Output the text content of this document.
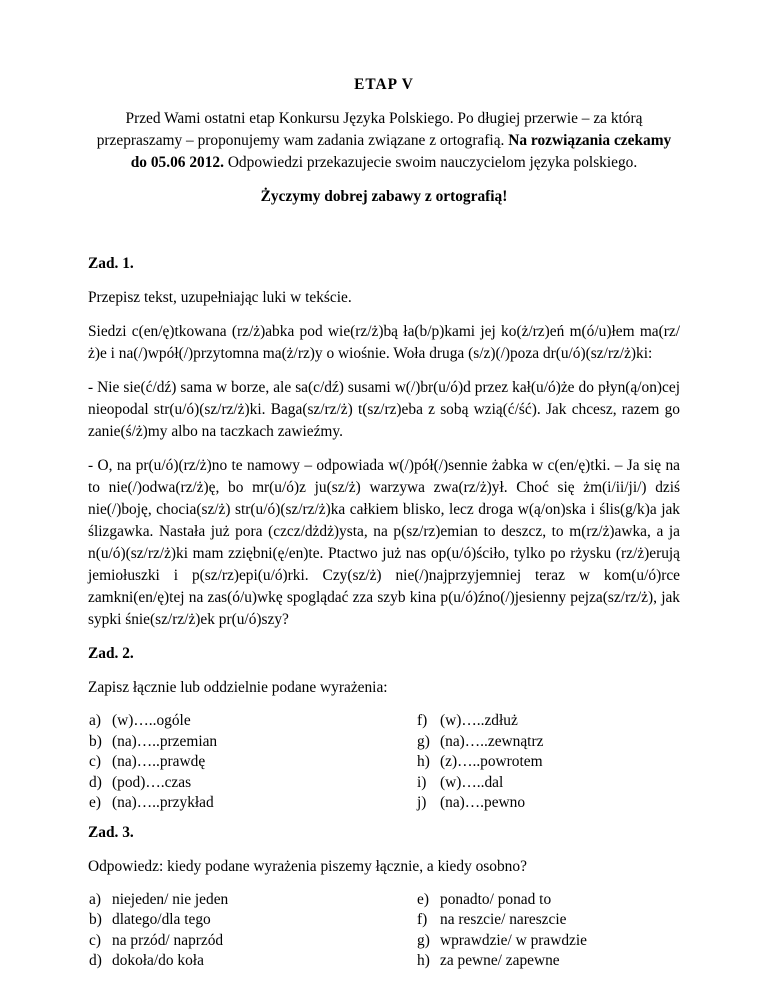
ETAP V
Przed Wami ostatni etap Konkursu Języka Polskiego. Po długiej przerwie – za którą przepraszamy – proponujemy wam zadania związane z ortografią. Na rozwiązania czekamy do 05.06 2012. Odpowiedzi przekazujecie swoim nauczycielom języka polskiego.
Życzymy dobrej zabawy z ortografią!
Zad. 1.

Przepisz tekst, uzupełniając luki w tekście.

Siedzi c(en/ę)tkowana (rz/ż)abka pod wie(rz/ż)bą ła(b/p)kami jej ko(ż/rz)eń m(ó/u)łem ma(rz/ż)e i na(/)wpół(/)przytomna ma(ż/rz)y o wiośnie. Woła druga (s/z)(/)poza dr(u/ó)(sz/rz/ż)ki:

- Nie sie(ć/dź) sama w borze, ale sa(c/dź) susami w(/)br(u/ó)d przez kał(u/ó)że do płyn(ą/on)cej nieopodal str(u/ó)(sz/rz/ż)ki. Baga(sz/rz/ż) t(sz/rz)eba z sobą wzią(ć/ść). Jak chcesz, razem go zanie(ś/ż)my albo na taczkach zawieźmy.

- O, na pr(u/ó)(rz/ż)no te namowy – odpowiada w(/)pół(/)sennie żabka w c(en/ę)tki. – Ja się na to nie(/)odwa(rz/ż)ę, bo mr(u/ó)z ju(sz/ż) warzywa zwa(rz/ż)ył. Choć się żm(i/ii/ji/) dziś nie(/)boję, chocia(sz/ż) str(u/ó)(sz/rz/ż)ka całkiem blisko, lecz droga w(ą/on)ska i ślis(g/k)a jak ślizgawka. Nastała już pora (czcz/dżdż)ysta, na p(sz/rz)emian to deszcz, to m(rz/ż)awka, a ja n(u/ó)(sz/rz/ż)ki mam zziębni(ę/en)te. Ptactwo już nas op(u/ó)ściło, tylko po rżysku (rz/ż)erują jemiołuszki i p(sz/rz)epi(u/ó)rki. Czy(sz/ż) nie(/)najprzyjemniej teraz w kom(u/ó)rce zamkni(en/ę)tej na zas(ó/u)wkę spoglądać zza szyb kina p(u/ó)źno(/)jesienny pejza(sz/rz/ż), jak sypki śnie(sz/rz/ż)ek pr(u/ó)szy?

Zad. 2.

Zapisz łącznie lub oddzielnie podane wyrażenia:

a) (w)…..ogóle
b) (na)…..przemian
c) (na)…..prawdę
d) (pod)….czas
e) (na)…..przykład
f) (w)…..zdłuż
g) (na)…..zewnątrz
h) (z)…..powrotem
i) (w)…..dal
j) (na)….pewno
Zad. 3.

Odpowiedz: kiedy podane wyrażenia piszemy łącznie, a kiedy osobno?

a) niejeden/ nie jeden
b) dlatego/dla tego
c) na przód/ naprzód
d) dokoła/do koła
e) ponadto/ ponad to
f) na reszcie/ nareszcie
g) wprawdzie/ w prawdzie
h) za pewne/ zapewne
